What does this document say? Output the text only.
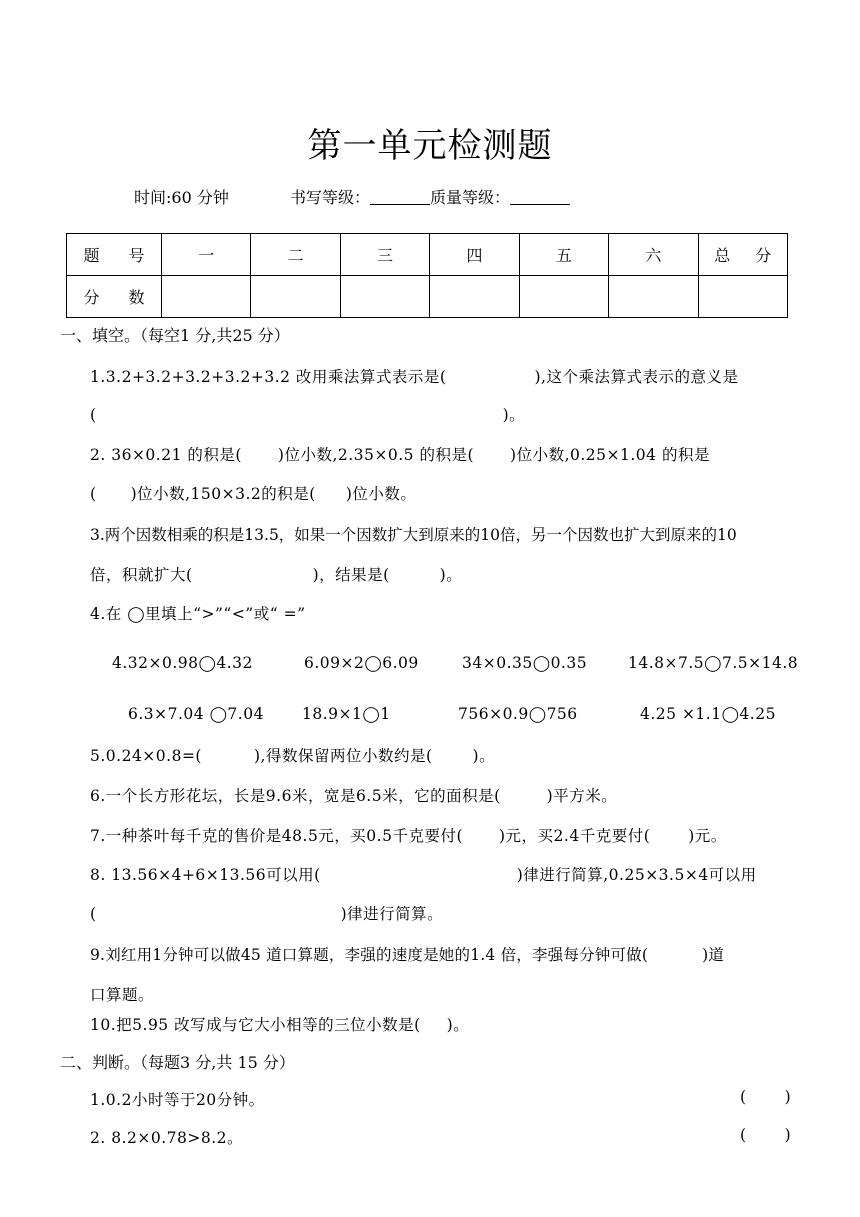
第一单元检测题
时间:60 分钟	书写等级：	质量等级：
题 号	一	二	三	四	五	六	总 分
分 数							
一、填空。（每空1 分,共25 分）
1.3.2+3.2+3.2+3.2+3.2 改用乘法算式表示是(	),这个乘法算式表示的意义是
(	)。
2. 36×0.21 的积是( )位小数,2.35×0.5 的积是( )位小数,0.25×1.04 的积是
( )位小数,150×3.2的积是( )位小数。
3.两个因数相乘的积是13.5，如果一个因数扩大到原来的10倍，另一个因数也扩大到原来的10
倍，积就扩大(	)，结果是(	)。
4.在 ◯里填上“>”“<”或“ =”
4.32×0.98◯4.32	6.09×2◯6.09	34×0.35◯0.35	14.8×7.5◯7.5×14.8
6.3×7.04 ◯7.04 18.9×1◯1	756×0.9◯756	4.25 ×1.1◯4.25
5.0.24×0.8=(	),得数保留两位小数约是(	)。
6.一个长方形花坛，长是9.6米，宽是6.5米，它的面积是(	)平方米。
7.一种茶叶每千克的售价是48.5元，买0.5千克要付( )元，买2.4千克要付( )元。
8. 13.56×4+6×13.56可以用(	)律进行简算,0.25×3.5×4可以用
(	)律进行简算。
9.刘红用1分钟可以做45 道口算题，李强的速度是她的1.4 倍，李强每分钟可做(	)道
口算题。
10.把5.95 改写成与它大小相等的三位小数是( )。
二、判断。（每题3 分,共 15 分）
1.0.2小时等于20分钟。	( )
2. 8.2×0.78>8.2。	( )
